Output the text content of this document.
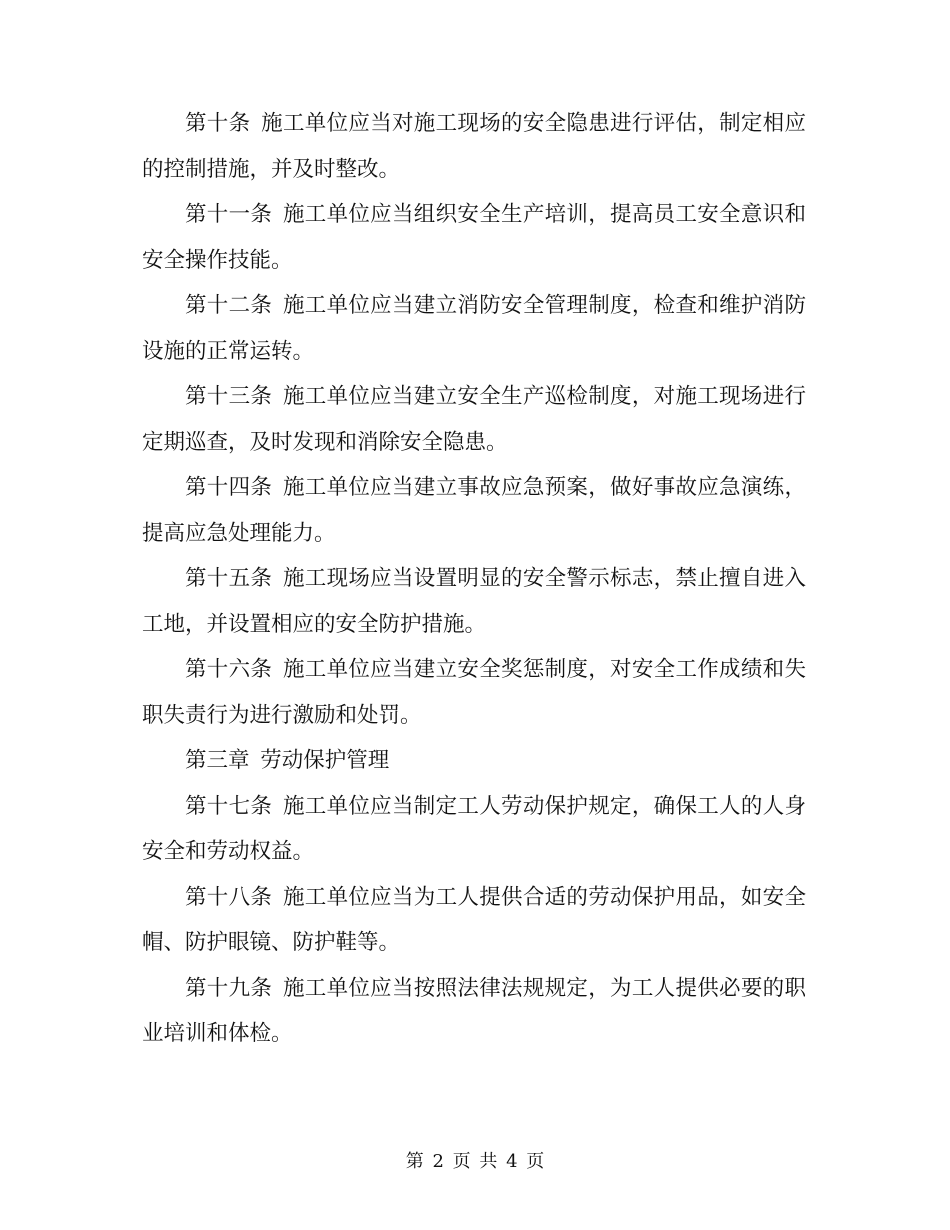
第十条 施工单位应当对施工现场的安全隐患进行评估，制定相应的控制措施，并及时整改。

第十一条 施工单位应当组织安全生产培训，提高员工安全意识和安全操作技能。

第十二条 施工单位应当建立消防安全管理制度，检查和维护消防设施的正常运转。

第十三条 施工单位应当建立安全生产巡检制度，对施工现场进行定期巡查，及时发现和消除安全隐患。

第十四条 施工单位应当建立事故应急预案，做好事故应急演练，提高应急处理能力。

第十五条 施工现场应当设置明显的安全警示标志，禁止擅自进入工地，并设置相应的安全防护措施。

第十六条 施工单位应当建立安全奖惩制度，对安全工作成绩和失职失责行为进行激励和处罚。

第三章 劳动保护管理

第十七条 施工单位应当制定工人劳动保护规定，确保工人的人身安全和劳动权益。

第十八条 施工单位应当为工人提供合适的劳动保护用品，如安全帽、防护眼镜、防护鞋等。

第十九条 施工单位应当按照法律法规规定，为工人提供必要的职业培训和体检。

第 2 页 共 4 页
